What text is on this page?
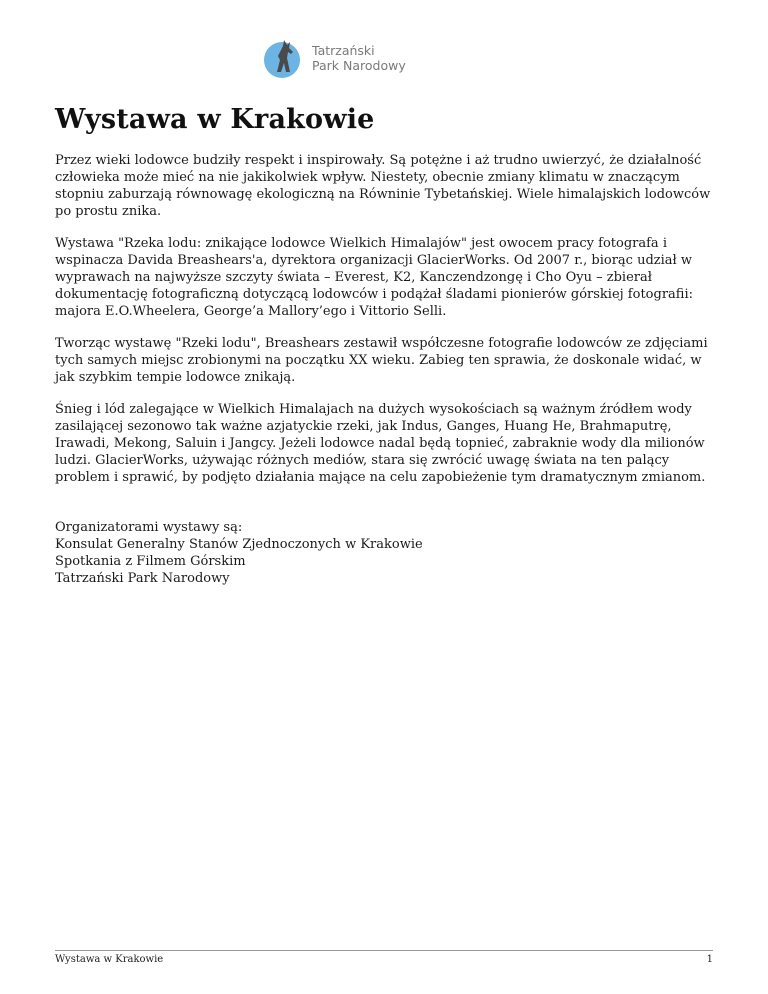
Tatrzański
Park Narodowy
Wystawa w Krakowie

Przez wieki lodowce budziły respekt i inspirowały. Są potężne i aż trudno uwierzyć, że działalność człowieka może mieć na nie jakikolwiek wpływ. Niestety, obecnie zmiany klimatu w znaczącym stopniu zaburzają równowagę ekologiczną na Równinie Tybetańskiej. Wiele himalajskich lodowców po prostu znika.

Wystawa "Rzeka lodu: znikające lodowce Wielkich Himalajów" jest owocem pracy fotografa i wspinacza Davida Breashears'a, dyrektora organizacji GlacierWorks. Od 2007 r., biorąc udział w wyprawach na najwyższe szczyty świata – Everest, K2, Kanczendzongę i Cho Oyu – zbierał dokumentację fotograficzną dotyczącą lodowców i podążał śladami pionierów górskiej fotografii: majora E.O.Wheelera, George’a Mallory’ego i Vittorio Selli.

Tworząc wystawę "Rzeki lodu", Breashears zestawił współczesne fotografie lodowców ze zdjęciami tych samych miejsc zrobionymi na początku XX wieku. Zabieg ten sprawia, że doskonale widać, w jak szybkim tempie lodowce znikają.

Śnieg i lód zalegające w Wielkich Himalajach na dużych wysokościach są ważnym źródłem wody zasilającej sezonowo tak ważne azjatyckie rzeki, jak Indus, Ganges, Huang He, Brahmaputrę, Irawadi, Mekong, Saluin i Jangcy. Jeżeli lodowce nadal będą topnieć, zabraknie wody dla milionów ludzi. GlacierWorks, używając różnych mediów, stara się zwrócić uwagę świata na ten palący problem i sprawić, by podjęto działania mające na celu zapobieżenie tym dramatycznym zmianom.

Organizatorami wystawy są:
Konsulat Generalny Stanów Zjednoczonych w Krakowie
Spotkania z Filmem Górskim
Tatrzański Park Narodowy
Wystawa w Krakowie	1
